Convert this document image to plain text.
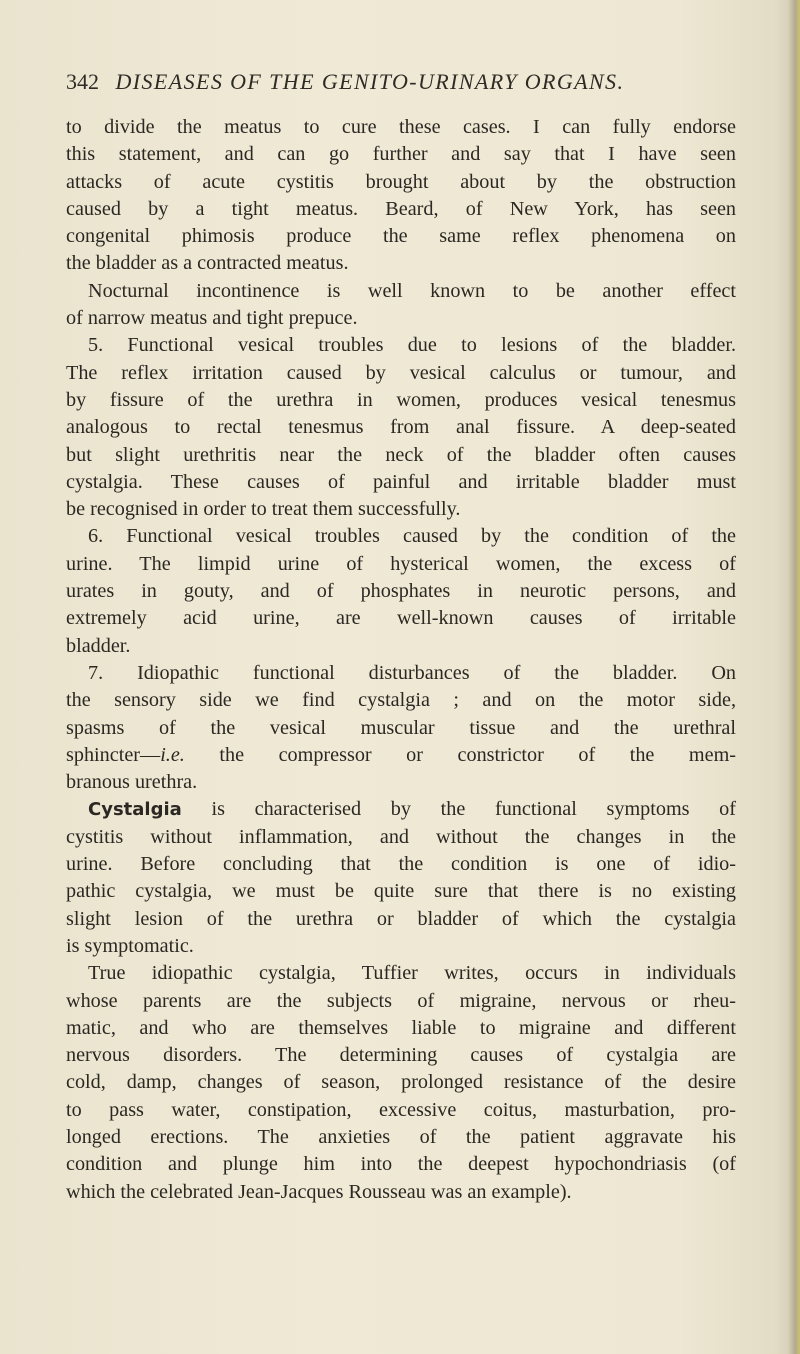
342 DISEASES OF THE GENITO-URINARY ORGANS.
to divide the meatus to cure these cases. I can fully endorse
this statement, and can go further and say that I have seen
attacks of acute cystitis brought about by the obstruction
caused by a tight meatus. Beard, of New York, has seen
congenital phimosis produce the same reflex phenomena on
the bladder as a contracted meatus.
Nocturnal incontinence is well known to be another effect
of narrow meatus and tight prepuce.
5. Functional vesical troubles due to lesions of the bladder.
The reflex irritation caused by vesical calculus or tumour, and
by fissure of the urethra in women, produces vesical tenesmus
analogous to rectal tenesmus from anal fissure. A deep-seated
but slight urethritis near the neck of the bladder often causes
cystalgia. These causes of painful and irritable bladder must
be recognised in order to treat them successfully.
6. Functional vesical troubles caused by the condition of the
urine. The limpid urine of hysterical women, the excess of
urates in gouty, and of phosphates in neurotic persons, and
extremely acid urine, are well-known causes of irritable
bladder.
7. Idiopathic functional disturbances of the bladder. On
the sensory side we find cystalgia ; and on the motor side,
spasms of the vesical muscular tissue and the urethral
sphincter—i.e. the compressor or constrictor of the mem-
branous urethra.
Cystalgia is characterised by the functional symptoms of
cystitis without inflammation, and without the changes in the
urine. Before concluding that the condition is one of idio-
pathic cystalgia, we must be quite sure that there is no existing
slight lesion of the urethra or bladder of which the cystalgia
is symptomatic.
True idiopathic cystalgia, Tuffier writes, occurs in individuals
whose parents are the subjects of migraine, nervous or rheu-
matic, and who are themselves liable to migraine and different
nervous disorders. The determining causes of cystalgia are
cold, damp, changes of season, prolonged resistance of the desire
to pass water, constipation, excessive coitus, masturbation, pro-
longed erections. The anxieties of the patient aggravate his
condition and plunge him into the deepest hypochondriasis (of
which the celebrated Jean-Jacques Rousseau was an example).
